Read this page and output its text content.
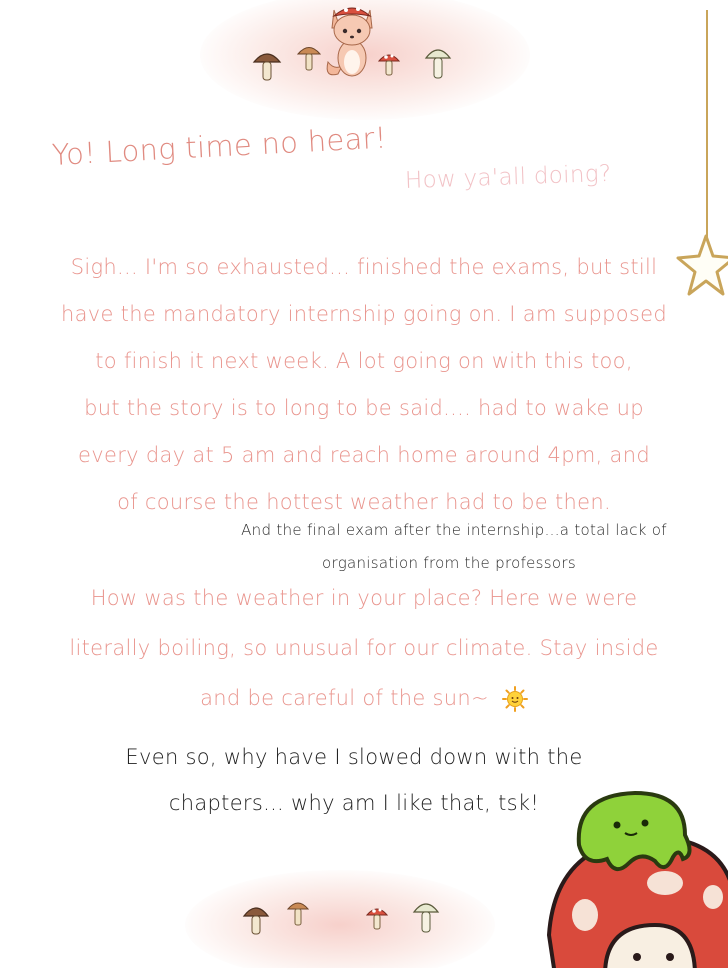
Yo! Long time no hear!
How ya'all doing?
Sigh... I'm so exhausted... finished the exams, but still
have the mandatory internship going on. I am supposed
to finish it next week. A lot going on with this too,
but the story is to long to be said.... had to wake up
every day at 5 am and reach home around 4pm, and
of course the hottest weather had to be then.
And the final exam after the internship...a total lack of
organisation from the professors
How was the weather in your place? Here we were
literally boiling, so unusual for our climate. Stay inside
and be careful of the sun~
Even so, why have I slowed down with the
chapters... why am I like that, tsk!
